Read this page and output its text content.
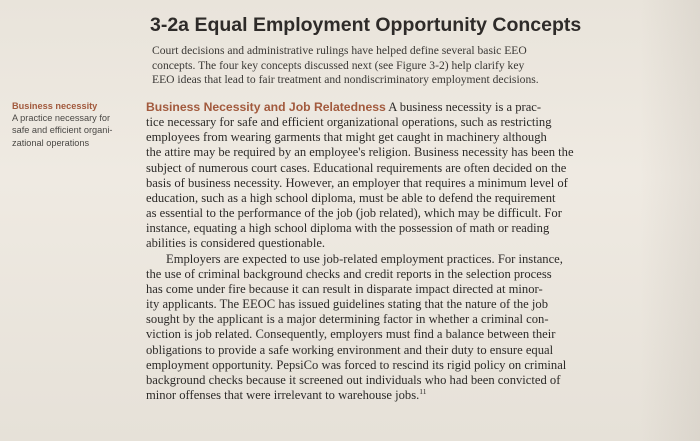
3-2a Equal Employment Opportunity Concepts
Court decisions and administrative rulings have helped define several basic EEO
concepts. The four key concepts discussed next (see Figure 3-2) help clarify key
EEO ideas that lead to fair treatment and nondiscriminatory employment decisions.
Business necessity
A practice necessary for
safe and efficient organi-
zational operations
Business Necessity and Job Relatedness A business necessity is a prac-
tice necessary for safe and efficient organizational operations, such as restricting
employees from wearing garments that might get caught in machinery although
the attire may be required by an employee's religion. Business necessity has been the
subject of numerous court cases. Educational requirements are often decided on the
basis of business necessity. However, an employer that requires a minimum level of
education, such as a high school diploma, must be able to defend the requirement
as essential to the performance of the job (job related), which may be difficult. For
instance, equating a high school diploma with the possession of math or reading
abilities is considered questionable.
Employers are expected to use job-related employment practices. For instance,
the use of criminal background checks and credit reports in the selection process
has come under fire because it can result in disparate impact directed at minor-
ity applicants. The EEOC has issued guidelines stating that the nature of the job
sought by the applicant is a major determining factor in whether a criminal con-
viction is job related. Consequently, employers must find a balance between their
obligations to provide a safe working environment and their duty to ensure equal
employment opportunity. PepsiCo was forced to rescind its rigid policy on criminal
background checks because it screened out individuals who had been convicted of
minor offenses that were irrelevant to warehouse jobs.$^{11}$
